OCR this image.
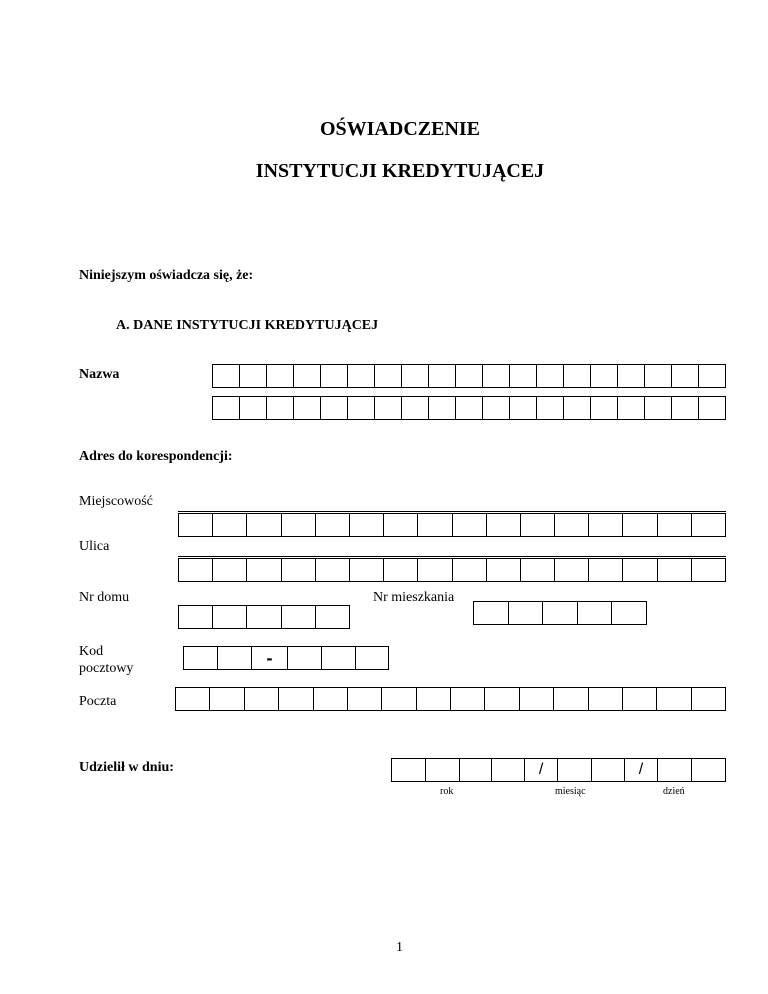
OŚWIADCZENIE
INSTYTUCJI KREDYTUJĄCEJ
Niniejszym oświadcza się, że:
A. DANE INSTYTUCJI KREDYTUJĄCEJ
Nazwa
Adres do korespondencji:
Miejscowość
Ulica
Nr domu	Nr mieszkania
Kod
pocztowy
-
Poczta
Udzielił w dniu:	/	/
rok	miesiąc	dzień
1
